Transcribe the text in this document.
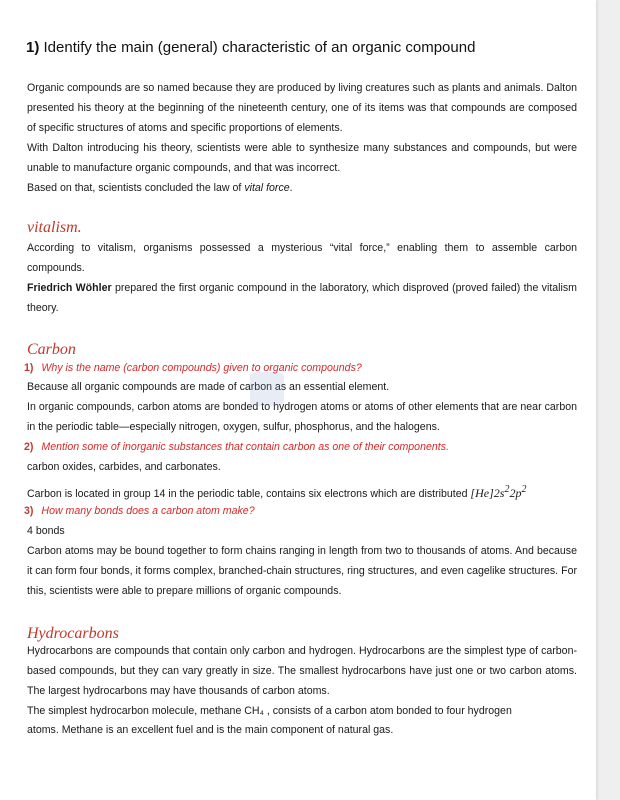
1) Identify the main (general) characteristic of an organic compound
Organic compounds are so named because they are produced by living creatures such as plants and animals. Dalton presented his theory at the beginning of the nineteenth century, one of its items was that compounds are composed of specific structures of atoms and specific proportions of elements.
With Dalton introducing his theory, scientists were able to synthesize many substances and compounds, but were unable to manufacture organic compounds, and that was incorrect.
Based on that, scientists concluded the law of vital force.
vitalism.
According to vitalism, organisms possessed a mysterious “vital force,” enabling them to assemble carbon compounds.
Friedrich Wöhler prepared the first organic compound in the laboratory, which disproved (proved failed) the vitalism theory.
Carbon
1) Why is the name (carbon compounds) given to organic compounds?
Because all organic compounds are made of carbon as an essential element.
In organic compounds, carbon atoms are bonded to hydrogen atoms or atoms of other elements that are near carbon in the periodic table—especially nitrogen, oxygen, sulfur, phosphorus, and the halogens.
2) Mention some of inorganic substances that contain carbon as one of their components.
carbon oxides, carbides, and carbonates.
Carbon is located in group 14 in the periodic table, contains six electrons which are distributed $[He]2s^22p^2$
3) How many bonds does a carbon atom make?
4 bonds
Carbon atoms may be bound together to form chains ranging in length from two to thousands of atoms. And because it can form four bonds, it forms complex, branched-chain structures, ring structures, and even cagelike structures. For this, scientists were able to prepare millions of organic compounds.
Hydrocarbons
Hydrocarbons are compounds that contain only carbon and hydrogen. Hydrocarbons are the simplest type of carbon-based compounds, but they can vary greatly in size. The smallest hydrocarbons have just one or two carbon atoms. The largest hydrocarbons may have thousands of carbon atoms.
The simplest hydrocarbon molecule, methane CH₄ , consists of a carbon atom bonded to four hydrogen
atoms. Methane is an excellent fuel and is the main component of natural gas.
